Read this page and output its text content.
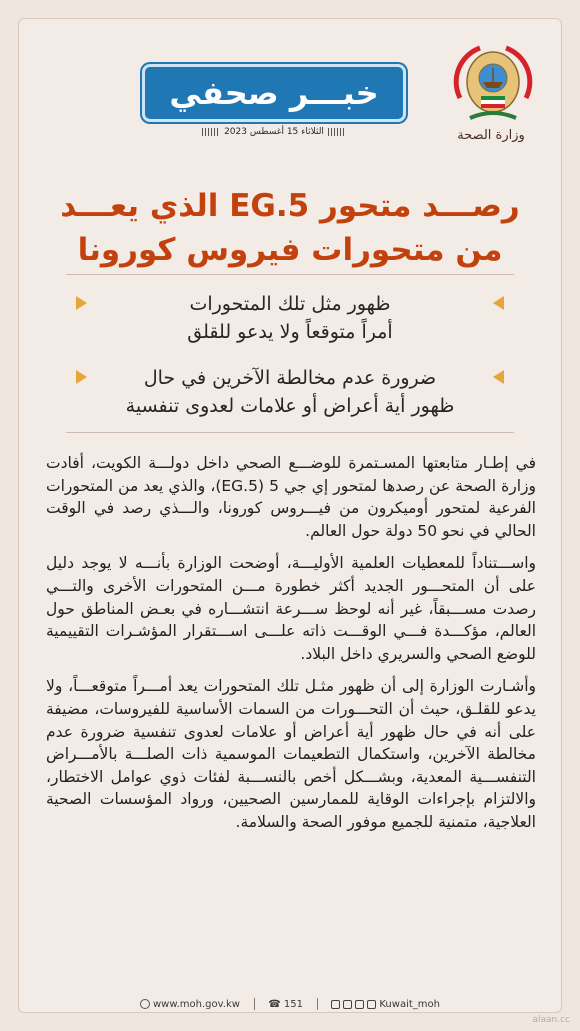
وزارة الصحة
خبـــر صحفي
الثلاثاء 15 أغسطس 2023
رصـــد متحور EG.5 الذي يعـــد
من متحورات فيروس كورونا
ظهور مثل تلك المتحورات
أمراً متوقعاً ولا يدعو للقلق
ضرورة عدم مخالطة الآخرين في حال
ظهور أية أعراض أو علامات لعدوى تنفسية

في إطـار متابعتها المسـتمرة للوضـــع الصحي داخل دولـــة الكويت، أفادت وزارة الصحة عن رصدها لمتحور إي جي 5 (EG.5)، والذي يعد من المتحورات الفرعية لمتحور أوميكرون من فيـــروس كورونا، والـــذي رصد في الوقت الحالي في نحو 50 دولة حول العالم.

واســـتناداً للمعطيات العلمية الأوليـــة، أوضحت الوزارة بأنـــه لا يوجد دليل على أن المتحـــور الجديد أكثر خطورة مـــن المتحورات الأخرى والتـــي رصدت مســـبقاً، غير أنه لوحظ ســـرعة انتشـــاره في بعـض المناطق حول العالم، مؤكـــدة فـــي الوقـــت ذاته علـــى اســـتقرار المؤشـرات التقييمية للوضع الصحي والسريري داخل البلاد.

وأشـارت الوزارة إلى أن ظهور مثـل تلك المتحورات يعد أمـــراً متوقعـــاً، ولا يدعو للقلـق، حيث أن التحـــورات من السمات الأساسية للفيروسات، مضيفة على أنه في حال ظهور أية أعراض أو علامات لعدوى تنفسية ضرورة عدم مخالطة الآخرين، واستكمال التطعيمات الموسمية ذات الصلـــة بالأمـــراض التنفســـية المعدية، وبشـــكل أخص بالنســـبة لفئات ذوي عوامل الاختطار، والالتزام بإجراءات الوقاية للممارسين الصحيين، ورواد المؤسسات الصحية العلاجية، متمنية للجميع موفور الصحة والسلامة.

www.moh.gov.kw	☎ 151	Kuwait_moh
alaan.cc
